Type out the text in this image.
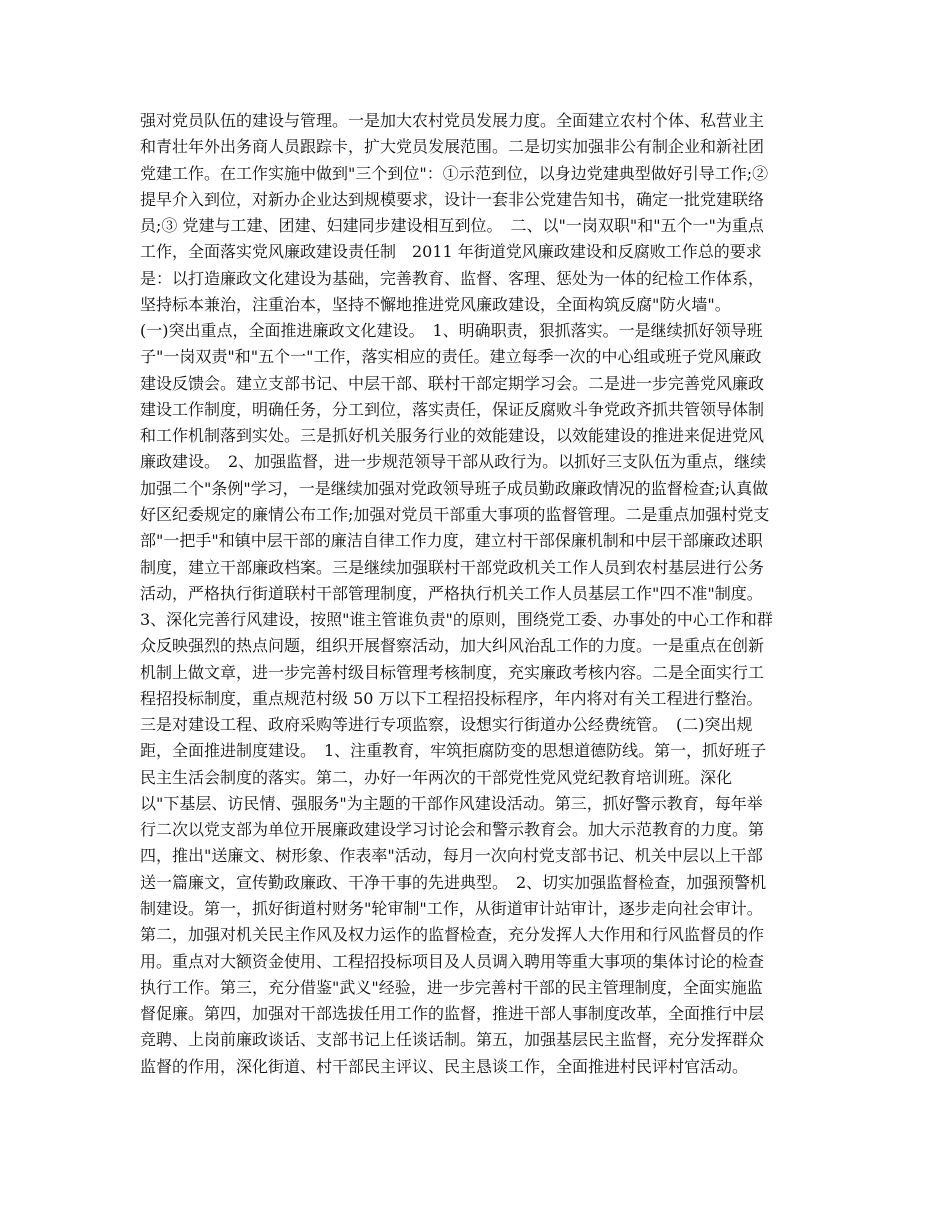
强对党员队伍的建设与管理。一是加大农村党员发展力度。全面建立农村个体、私营业主
和青壮年外出务商人员跟踪卡，扩大党员发展范围。二是切实加强非公有制企业和新社团
党建工作。在工作实施中做到"三个到位"：①示范到位，以身边党建典型做好引导工作;②
提早介入到位，对新办企业达到规模要求，设计一套非公党建告知书，确定一批党建联络
员;③ 党建与工建、团建、妇建同步建设相互到位。　二、以"一岗双职"和"五个一"为重点
工作，全面落实党风廉政建设责任制　2011 年街道党风廉政建设和反腐败工作总的要求
是：以打造廉政文化建设为基础，完善教育、监督、客理、惩处为一体的纪检工作体系，
坚持标本兼治，注重治本，坚持不懈地推进党风廉政建设，全面构筑反腐"防火墙"。
(一)突出重点，全面推进廉政文化建设。　1、明确职责，狠抓落实。一是继续抓好领导班
子"一岗双责"和"五个一"工作，落实相应的责任。建立每季一次的中心组或班子党风廉政
建设反馈会。建立支部书记、中层干部、联村干部定期学习会。二是进一步完善党风廉政
建设工作制度，明确任务，分工到位，落实责任，保证反腐败斗争党政齐抓共管领导体制
和工作机制落到实处。三是抓好机关服务行业的效能建设，以效能建设的推进来促进党风
廉政建设。　2、加强监督，进一步规范领导干部从政行为。以抓好三支队伍为重点，继续
加强二个"条例"学习，一是继续加强对党政领导班子成员勤政廉政情况的监督检查;认真做
好区纪委规定的廉情公布工作;加强对党员干部重大事项的监督管理。二是重点加强村党支
部"一把手"和镇中层干部的廉洁自律工作力度，建立村干部保廉机制和中层干部廉政述职
制度，建立干部廉政档案。三是继续加强联村干部党政机关工作人员到农村基层进行公务
活动，严格执行街道联村干部管理制度，严格执行机关工作人员基层工作"四不准"制度。
3、深化完善行风建设，按照"谁主管谁负责"的原则，围绕党工委、办事处的中心工作和群
众反映强烈的热点问题，组织开展督察活动，加大纠风治乱工作的力度。一是重点在创新
机制上做文章，进一步完善村级目标管理考核制度，充实廉政考核内容。二是全面实行工
程招投标制度，重点规范村级 50 万以下工程招投标程序，年内将对有关工程进行整治。
三是对建设工程、政府采购等进行专项监察，设想实行街道办公经费统管。　(二)突出规
距，全面推进制度建设。　1、注重教育，牢筑拒腐防变的思想道德防线。第一，抓好班子
民主生活会制度的落实。第二，办好一年两次的干部党性党风党纪教育培训班。深化
以"下基层、访民情、强服务"为主题的干部作风建设活动。第三，抓好警示教育，每年举
行二次以党支部为单位开展廉政建设学习讨论会和警示教育会。加大示范教育的力度。第
四，推出"送廉文、树形象、作表率"活动，每月一次向村党支部书记、机关中层以上干部
送一篇廉文，宣传勤政廉政、干净干事的先进典型。　2、切实加强监督检查，加强预警机
制建设。第一，抓好街道村财务"轮审制"工作，从街道审计站审计，逐步走向社会审计。
第二，加强对机关民主作风及权力运作的监督检查，充分发挥人大作用和行风监督员的作
用。重点对大额资金使用、工程招投标项目及人员调入聘用等重大事项的集体讨论的检查
执行工作。第三，充分借鉴"武义"经验，进一步完善村干部的民主管理制度，全面实施监
督促廉。第四，加强对干部选拔任用工作的监督，推进干部人事制度改革，全面推行中层
竞聘、上岗前廉政谈话、支部书记上任谈话制。第五，加强基层民主监督，充分发挥群众
监督的作用，深化街道、村干部民主评议、民主恳谈工作，全面推进村民评村官活动。
